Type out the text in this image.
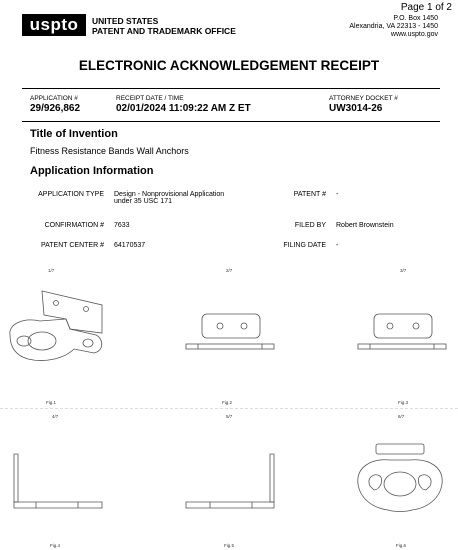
Page 1 of 2
uspto	UNITED STATES
PATENT AND TRADEMARK OFFICE
P.O. Box 1450
Alexandria, VA 22313 - 1450
www.uspto.gov
ELECTRONIC ACKNOWLEDGEMENT RECEIPT
APPLICATION #
29/926,862
RECEIPT DATE / TIME
02/01/2024 11:09:22 AM Z ET
ATTORNEY DOCKET #
UW3014-26
Title of Invention
Fitness Resistance Bands Wall Anchors
Application Information
APPLICATION TYPE Design - Nonprovisional Application
under 35 USC 171
PATENT # -
CONFIRMATION # 7633	FILED BY Robert Brownstein
PATENT CENTER # 64170537	FILING DATE -
1/7	2/7	3/7
Fig.1	Fig.2	Fig.3
4/7	5/7	6/7
Fig.4	Fig.5	Fig.6
